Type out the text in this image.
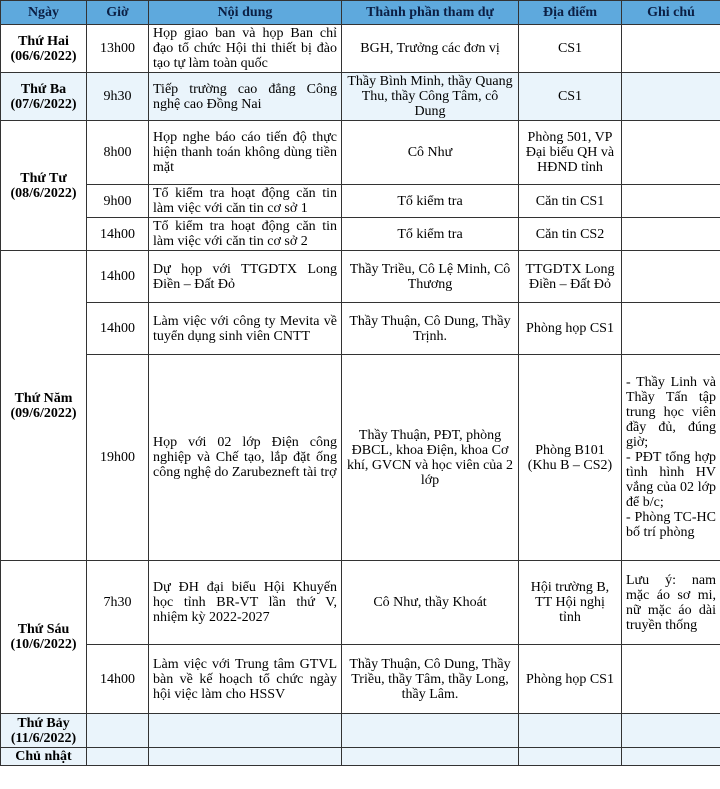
Ngày	Giờ	Nội dung	Thành phần tham dự	Địa điểm	Ghi chú

Thứ Hai
(06/6/2022)	13h00	Họp giao ban và họp Ban chỉ đạo tổ chức Hội thi thiết bị đào tạo tự làm toàn quốc	BGH, Trưởng các đơn vị	CS1	

Thứ Ba
(07/6/2022)	9h30	Tiếp trường cao đẳng Công nghệ cao Đồng Nai	Thầy Bình Minh, thầy Quang Thu, thầy Công Tâm, cô Dung	CS1	

Thứ Tư
(08/6/2022)	8h00	Họp nghe báo cáo tiến độ thực hiện thanh toán không dùng tiền mặt	Cô Như	Phòng 501, VP Đại biểu QH và HĐND tỉnh	
	9h00	Tổ kiểm tra hoạt động căn tin làm việc với căn tin cơ sở 1	Tổ kiểm tra	Căn tin CS1	
	14h00	Tổ kiểm tra hoạt động căn tin làm việc với căn tin cơ sở 2	Tổ kiểm tra	Căn tin CS2	

Thứ Năm
(09/6/2022)	14h00	Dự họp với TTGDTX Long Điền – Đất Đỏ	Thầy Triều, Cô Lệ Minh, Cô Thương	TTGDTX Long Điền – Đất Đỏ	
	14h00	Làm việc với công ty Mevita về tuyển dụng sinh viên CNTT	Thầy Thuận, Cô Dung, Thầy Trịnh.	Phòng họp CS1	
	19h00	Họp với 02 lớp Điện công nghiệp và Chế tạo, lắp đặt ống công nghệ do Zarubezneft tài trợ	Thầy Thuận, PĐT, phòng ĐBCL, khoa Điện, khoa Cơ khí, GVCN và học viên của 2 lớp	Phòng B101 (Khu B – CS2)	- Thầy Linh và Thầy Tấn tập trung học viên đầy đủ, đúng giờ;
- PĐT tổng hợp tình hình HV vắng của 02 lớp để b/c;
- Phòng TC-HC bố trí phòng

Thứ Sáu
(10/6/2022)	7h30	Dự ĐH đại biểu Hội Khuyến học tỉnh BR-VT lần thứ V, nhiệm kỳ 2022-2027	Cô Như, thầy Khoát	Hội trường B, TT Hội nghị tỉnh	Lưu ý: nam mặc áo sơ mi, nữ mặc áo dài truyền thống
	14h00	Làm việc với Trung tâm GTVL bàn về kế hoạch tổ chức ngày hội việc làm cho HSSV	Thầy Thuận, Cô Dung, Thầy Triều, thầy Tâm, thầy Long, thầy Lâm.	Phòng họp CS1	

Thứ Bảy
(11/6/2022)					

Chủ nhật					
